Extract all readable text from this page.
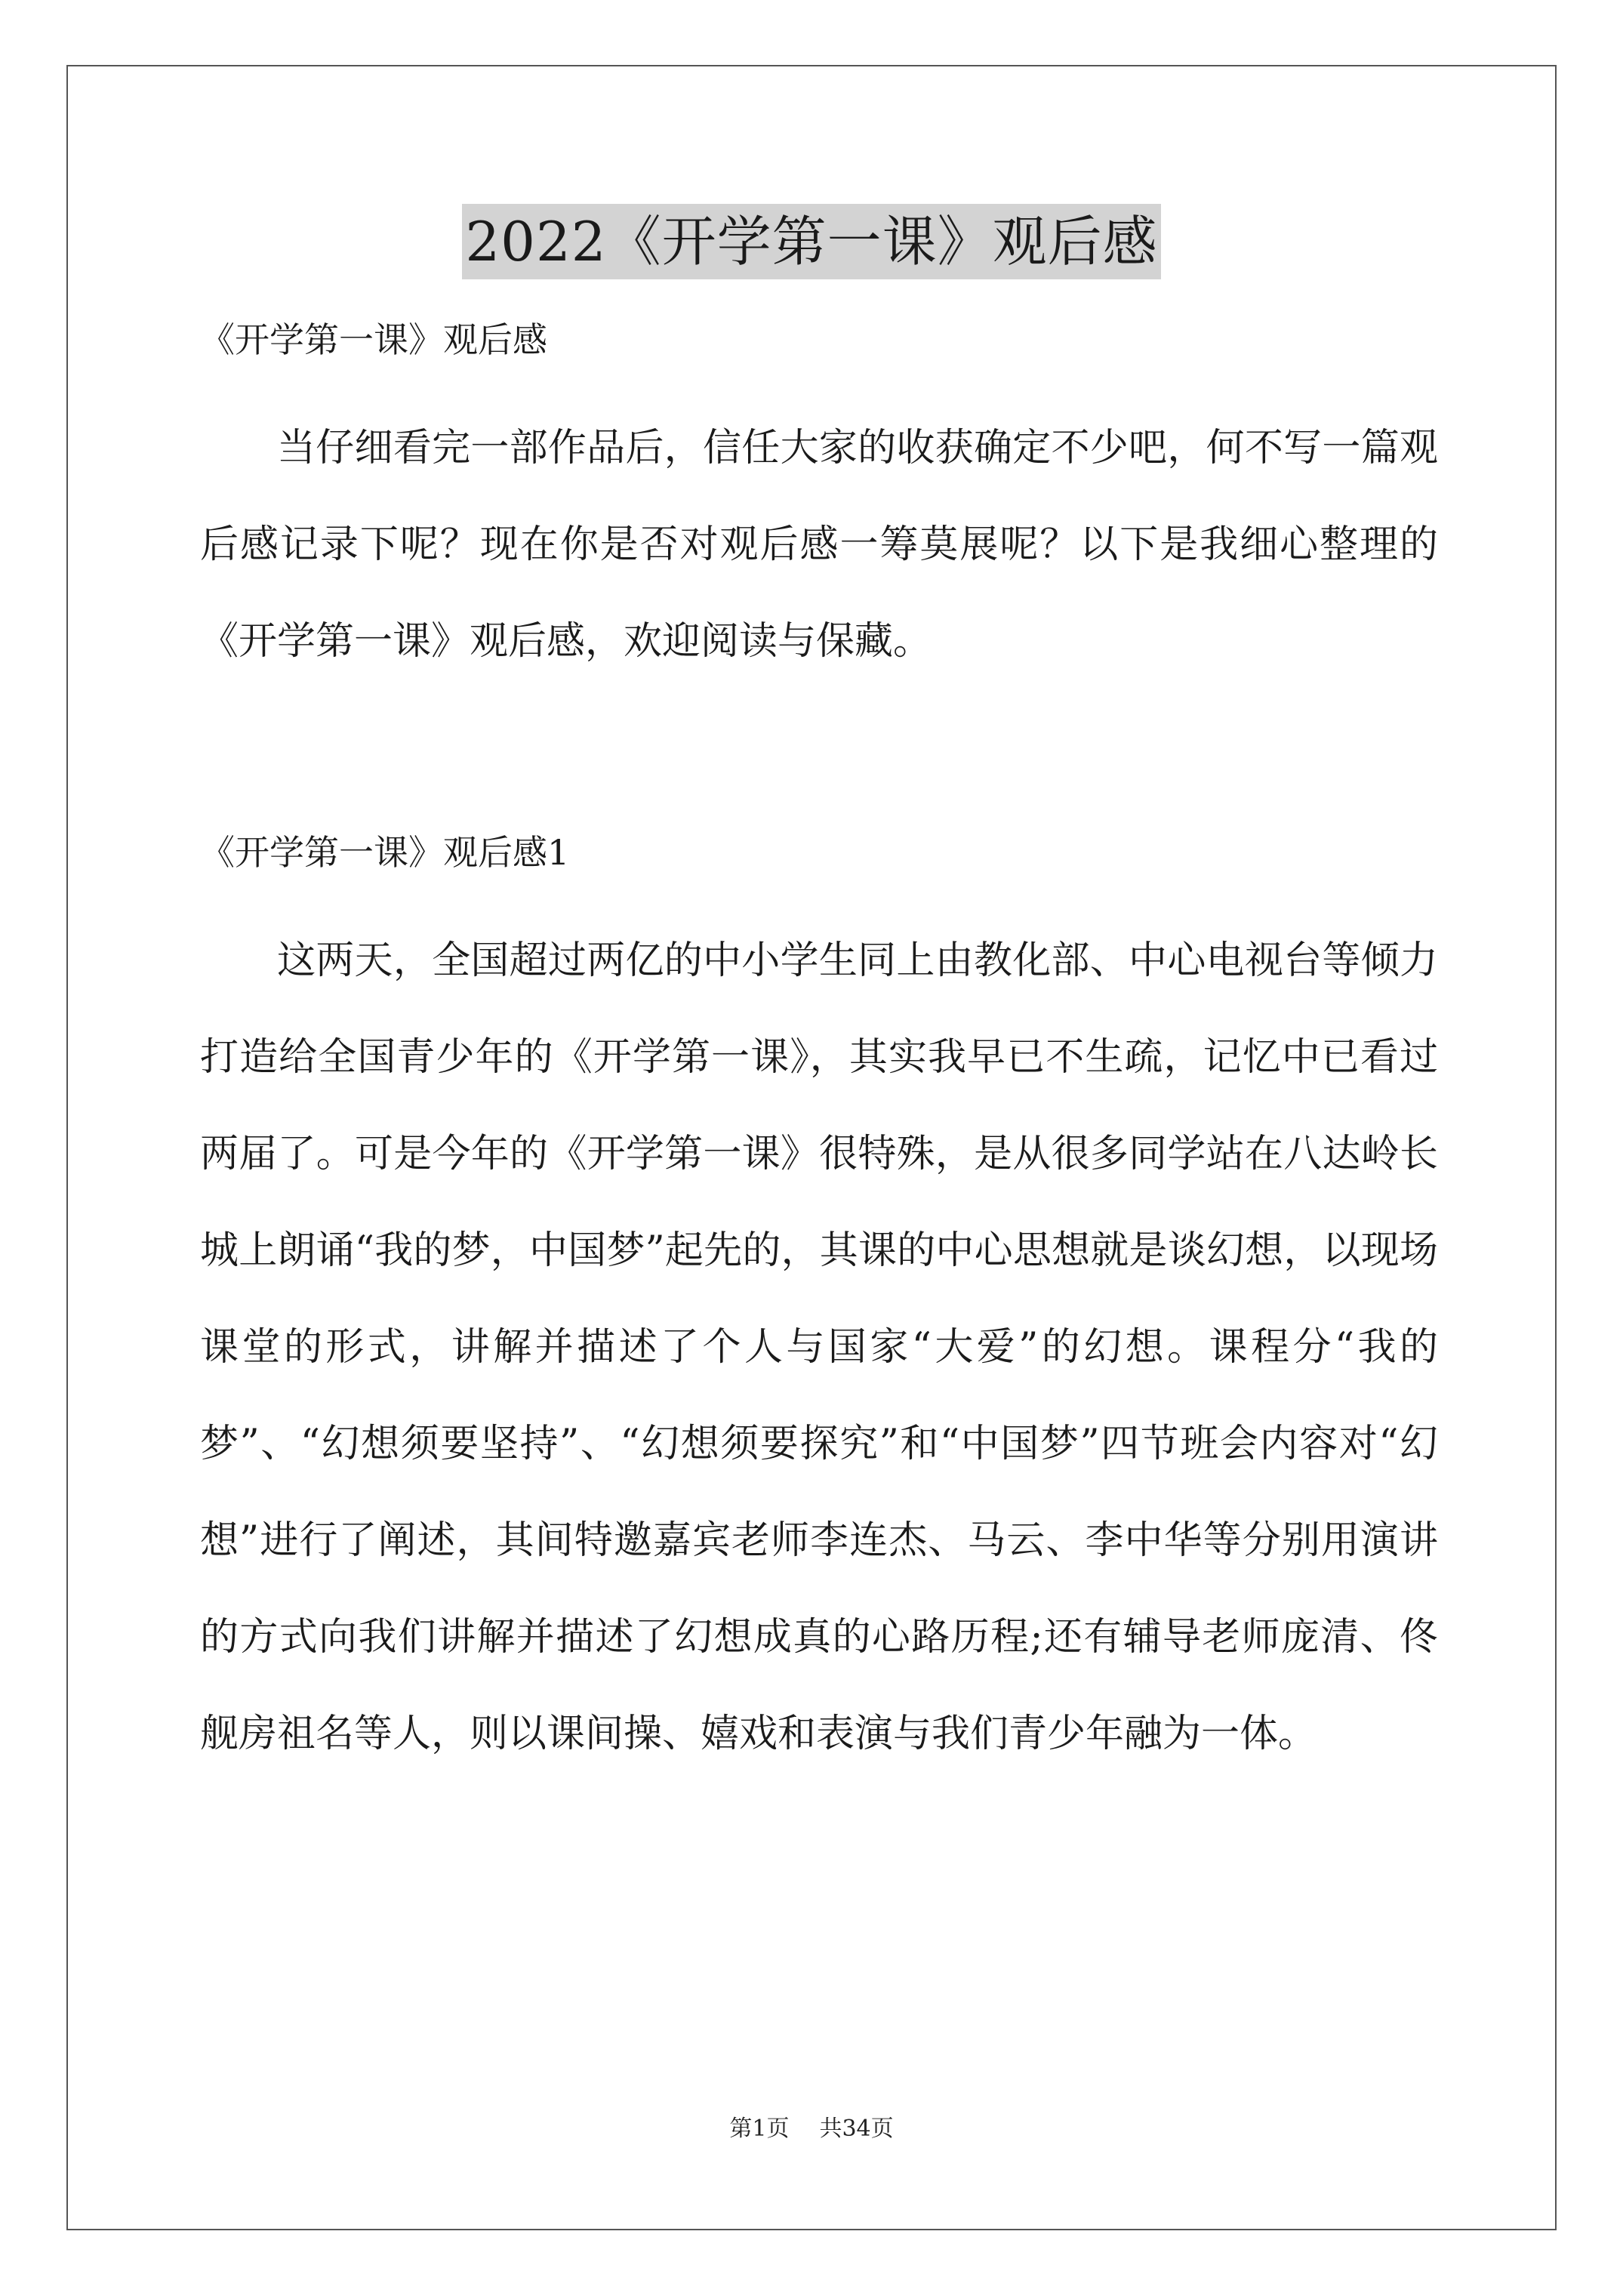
2022《开学第一课》观后感

《开学第一课》观后感

当仔细看完一部作品后，信任大家的收获确定不少吧，何不写一篇观后感记录下呢？现在你是否对观后感一筹莫展呢？以下是我细心整理的《开学第一课》观后感，欢迎阅读与保藏。

《开学第一课》观后感1

这两天，全国超过两亿的中小学生同上由教化部、中心电视台等倾力打造给全国青少年的《开学第一课》，其实我早已不生疏，记忆中已看过两届了。可是今年的《开学第一课》很特殊，是从很多同学站在八达岭长城上朗诵“我的梦，中国梦”起先的，其课的中心思想就是谈幻想，以现场课堂的形式，讲解并描述了个人与国家“大爱”的幻想。课程分“我的梦”、“幻想须要坚持”、“幻想须要探究”和“中国梦”四节班会内容对“幻想”进行了阐述，其间特邀嘉宾老师李连杰、马云、李中华等分别用演讲的方式向我们讲解并描述了幻想成真的心路历程;还有辅导老师庞清、佟舰房祖名等人，则以课间操、嬉戏和表演与我们青少年融为一体。

第1页 共34页
